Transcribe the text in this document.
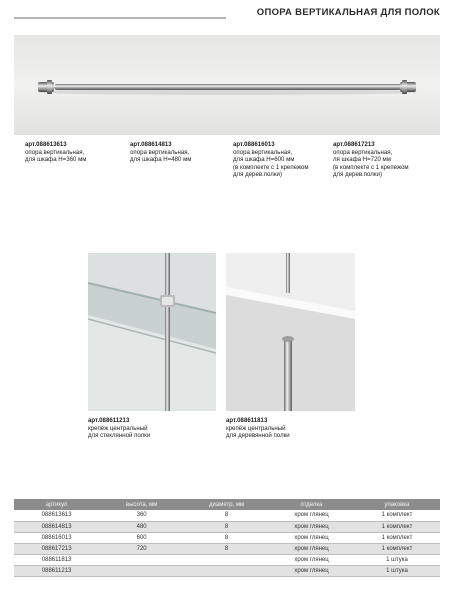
ОПОРА ВЕРТИКАЛЬНАЯ ДЛЯ ПОЛОК
арт.088613613
опора вертикальная,
для шкафа H=360 мм
арт.088614813
опора вертикальная,
для шкафа H=480 мм
арт.088616013
опора вертикальная,
для шкафа H=600 мм
(в комплекте с 1 крепежом
для дерев.полки)
арт.088617213
опора вертикальная,
ля шкафа H=720 мм
(в комплекте с 1 крепежом
для дерев.полки)
арт.088611213
крепёж центральный
для стеклянной полки
арт.088611813
крепёж центральный
для деревянной полки
артикул	высота, мм	диаметр, мм	отделка	упаковка
088613613	360	8	хром глянец	1 комплект
088614813	480	8	хром глянец	1 комплект
088616013	600	8	хром глянец	1 комплект
088617213	720	8	хром глянец	1 комплект
088611813			хром глянец	1 штука
088611213			хром глянец	1 штука
